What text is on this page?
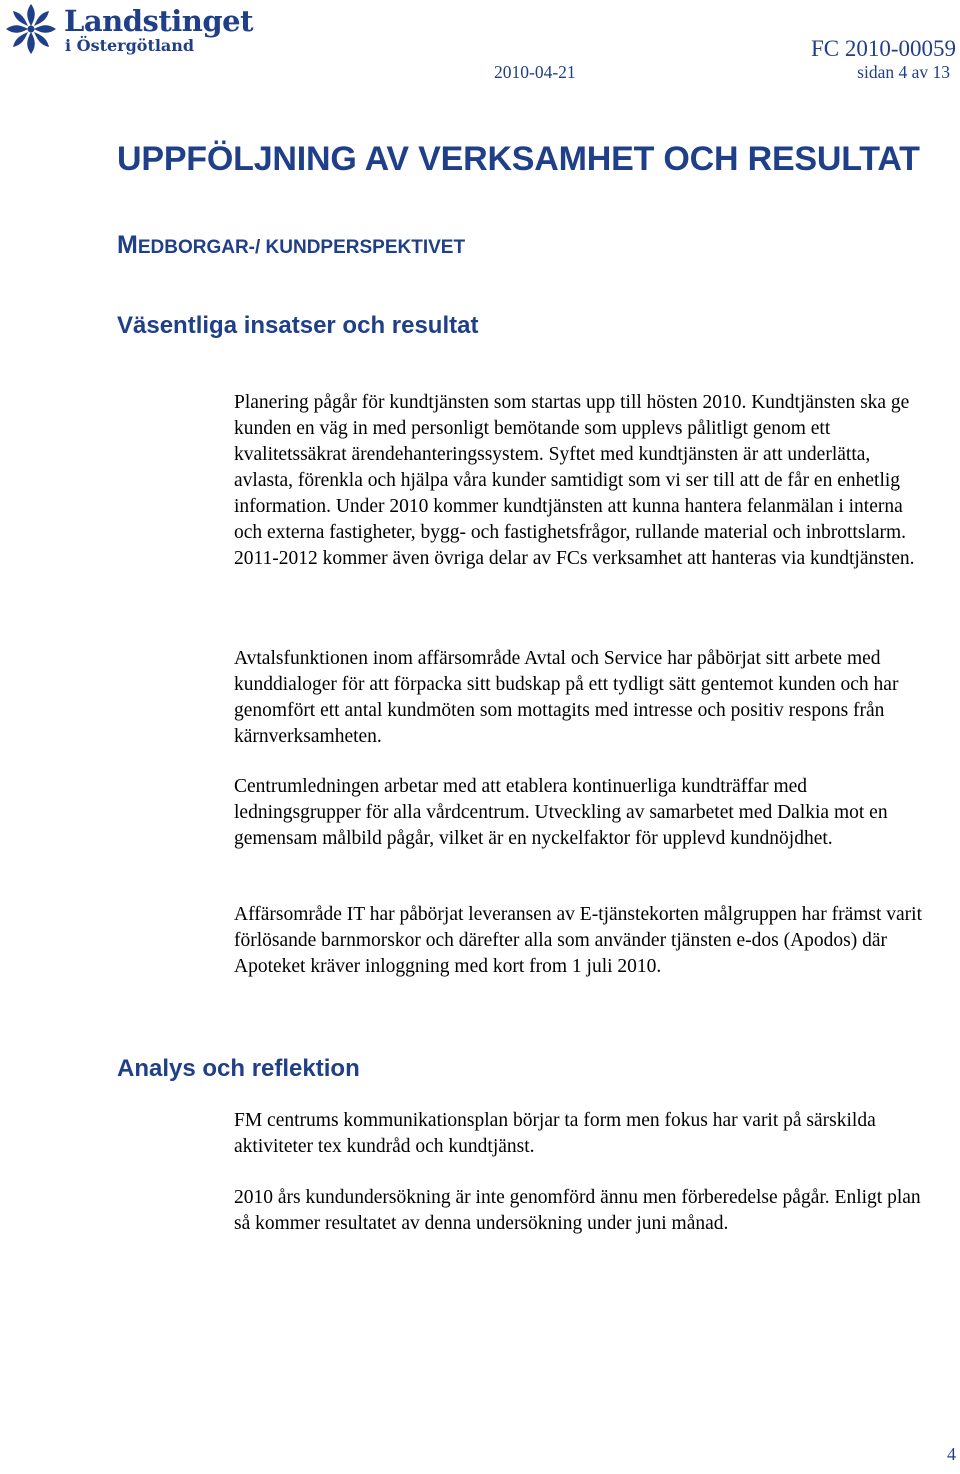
Landstinget
i Östergötland	FC 2010-00059
2010-04-21	sidan 4 av 13
UPPFÖLJNING AV VERKSAMHET OCH RESULTAT
MEDBORGAR-/ KUNDPERSPEKTIVET
Väsentliga insatser och resultat

Planering pågår för kundtjänsten som startas upp till hösten 2010. Kundtjänsten ska ge kunden en väg in med personligt bemötande som upplevs pålitligt genom ett kvalitetssäkrat ärendehanteringssystem. Syftet med kundtjänsten är att underlätta, avlasta, förenkla och hjälpa våra kunder samtidigt som vi ser till att de får en enhetlig information. Under 2010 kommer kundtjänsten att kunna hantera felanmälan i interna och externa fastigheter, bygg- och fastighetsfrågor, rullande material och inbrottslarm. 2011-2012 kommer även övriga delar av FCs verksamhet att hanteras via kundtjänsten.

Avtalsfunktionen inom affärsområde Avtal och Service har påbörjat sitt arbete med kunddialoger för att förpacka sitt budskap på ett tydligt sätt gentemot kunden och har genomfört ett antal kundmöten som mottagits med intresse och positiv respons från kärnverksamheten.

Centrumledningen arbetar med att etablera kontinuerliga kundträffar med ledningsgrupper för alla vårdcentrum. Utveckling av samarbetet med Dalkia mot en gemensam målbild pågår, vilket är en nyckelfaktor för upplevd kundnöjdhet.

Affärsområde IT har påbörjat leveransen av E-tjänstekorten målgruppen har främst varit förlösande barnmorskor och därefter alla som använder tjänsten e-dos (Apodos) där Apoteket kräver inloggning med kort from 1 juli 2010.

Analys och reflektion

FM centrums kommunikationsplan börjar ta form men fokus har varit på särskilda aktiviteter tex kundråd och kundtjänst.

2010 års kundundersökning är inte genomförd ännu men förberedelse pågår. Enligt plan så kommer resultatet av denna undersökning under juni månad.

4
